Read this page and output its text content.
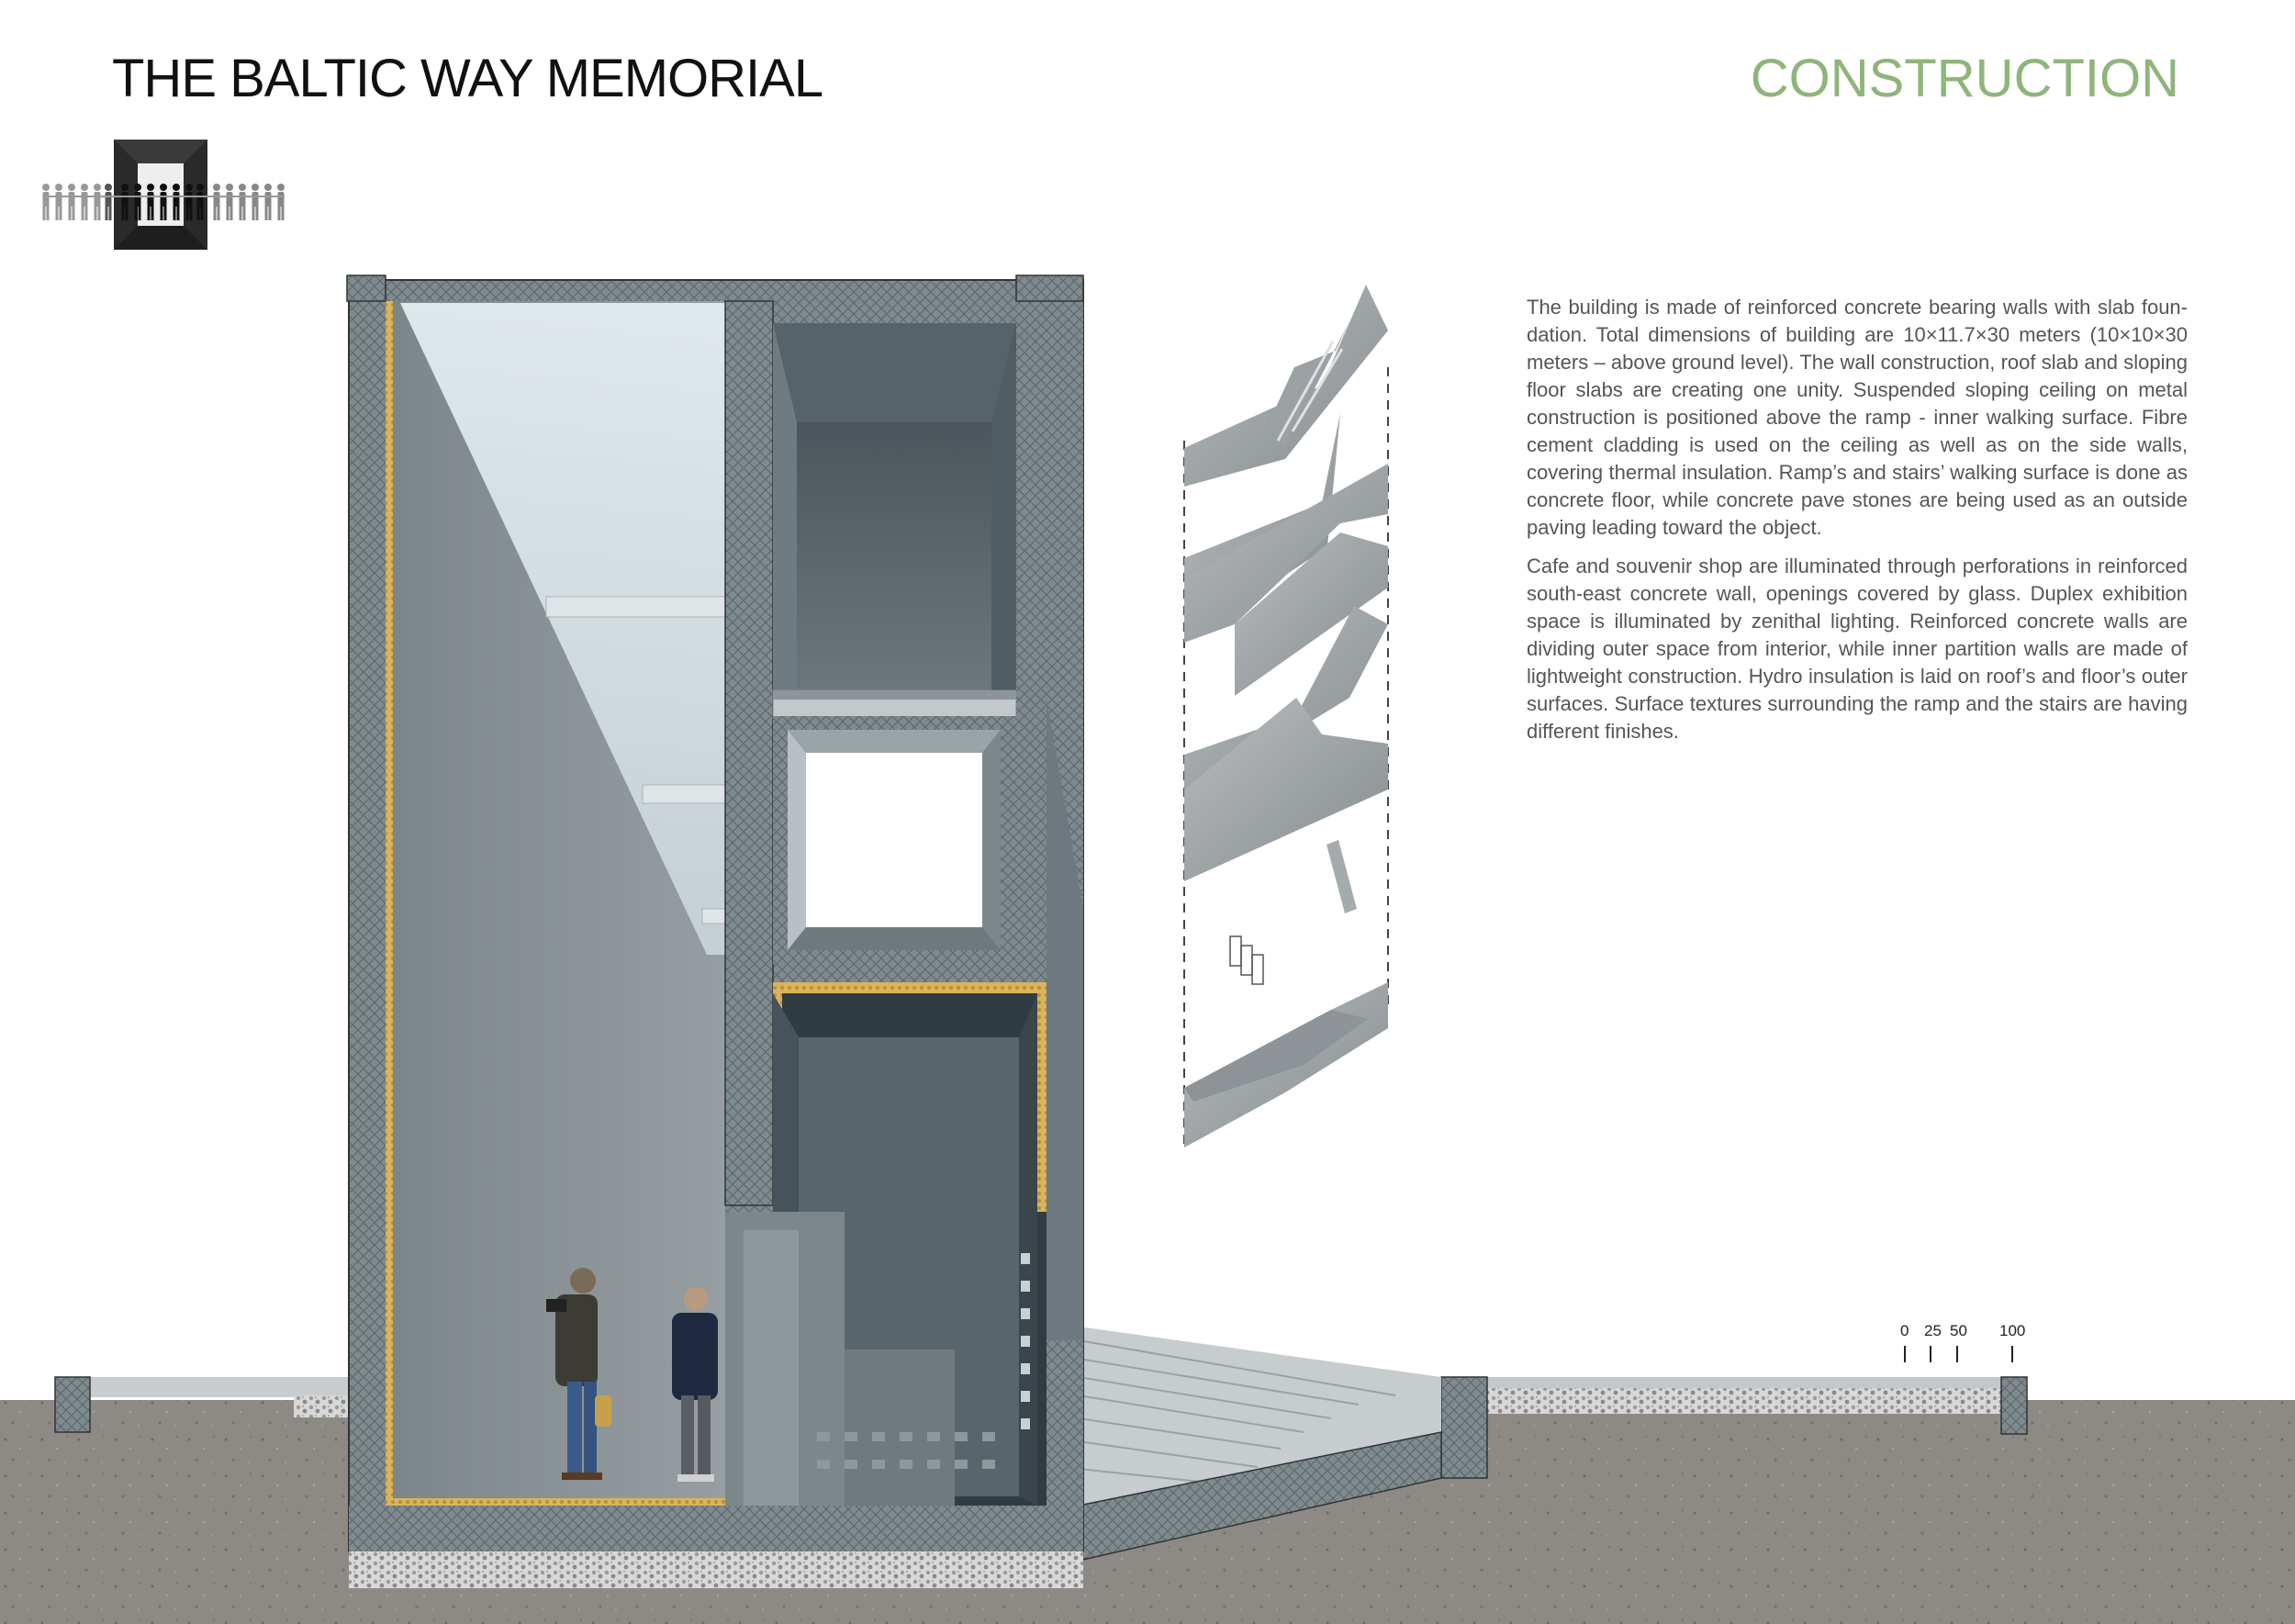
THE BALTIC WAY MEMORIAL	CONSTRUCTION

The building is made of reinforced concrete bearing walls with slab foun-dation. Total dimensions of building are 10×11.7×30 meters (10×10×30 meters – above ground level). The wall construction, roof slab and sloping floor slabs are creating one unity. Suspended sloping ceiling on metal construction is positioned above the ramp - inner walking surface. Fibre cement cladding is used on the ceiling as well as on the side walls, covering thermal insulation. Ramp’s and stairs’ walking surface is done as concrete floor, while concrete pave stones are being used as an outside paving leading toward the object.

Cafe and souvenir shop are illuminated through perforations in reinforced south-east concrete wall, openings covered by glass. Duplex exhibition space is illuminated by zenithal lighting. Reinforced concrete walls are dividing outer space from interior, while inner partition walls are made of lightweight construction. Hydro insulation is laid on roof’s and floor’s outer surfaces. Surface textures surrounding the ramp and the stairs are having different finishes.

0 25 50 100
